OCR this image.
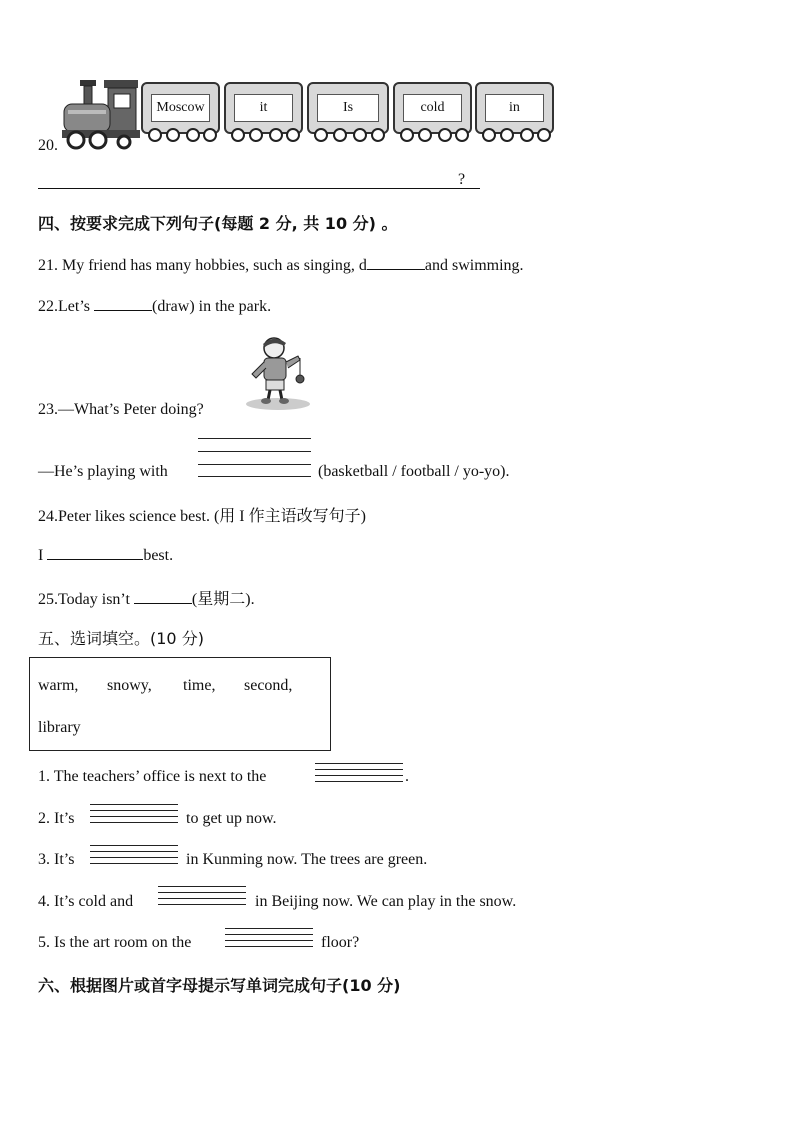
Moscow	it	Is	cold	in
20.
?
四、按要求完成下列句子(每题 2 分, 共 10 分) 。
21. My friend has many hobbies, such as singing, d	and swimming.
22.Let’s	(draw) in the park.
23.—What’s Peter doing?
—He’s playing with	(basketball / football / yo-yo).
24.Peter likes science best. (用 I 作主语改写句子)
I	best.
25.Today isn’t	(星期二).
五、选词填空。(10 分)
warm, snowy, time, second,
library
1. The teachers’ office is next to the	.
2. It’s	to get up now.
3. It’s	in Kunming now. The trees are green.
4. It’s cold and	in Beijing now. We can play in the snow.
5. Is the art room on the	floor?
六、根据图片或首字母提示写单词完成句子(10 分)
